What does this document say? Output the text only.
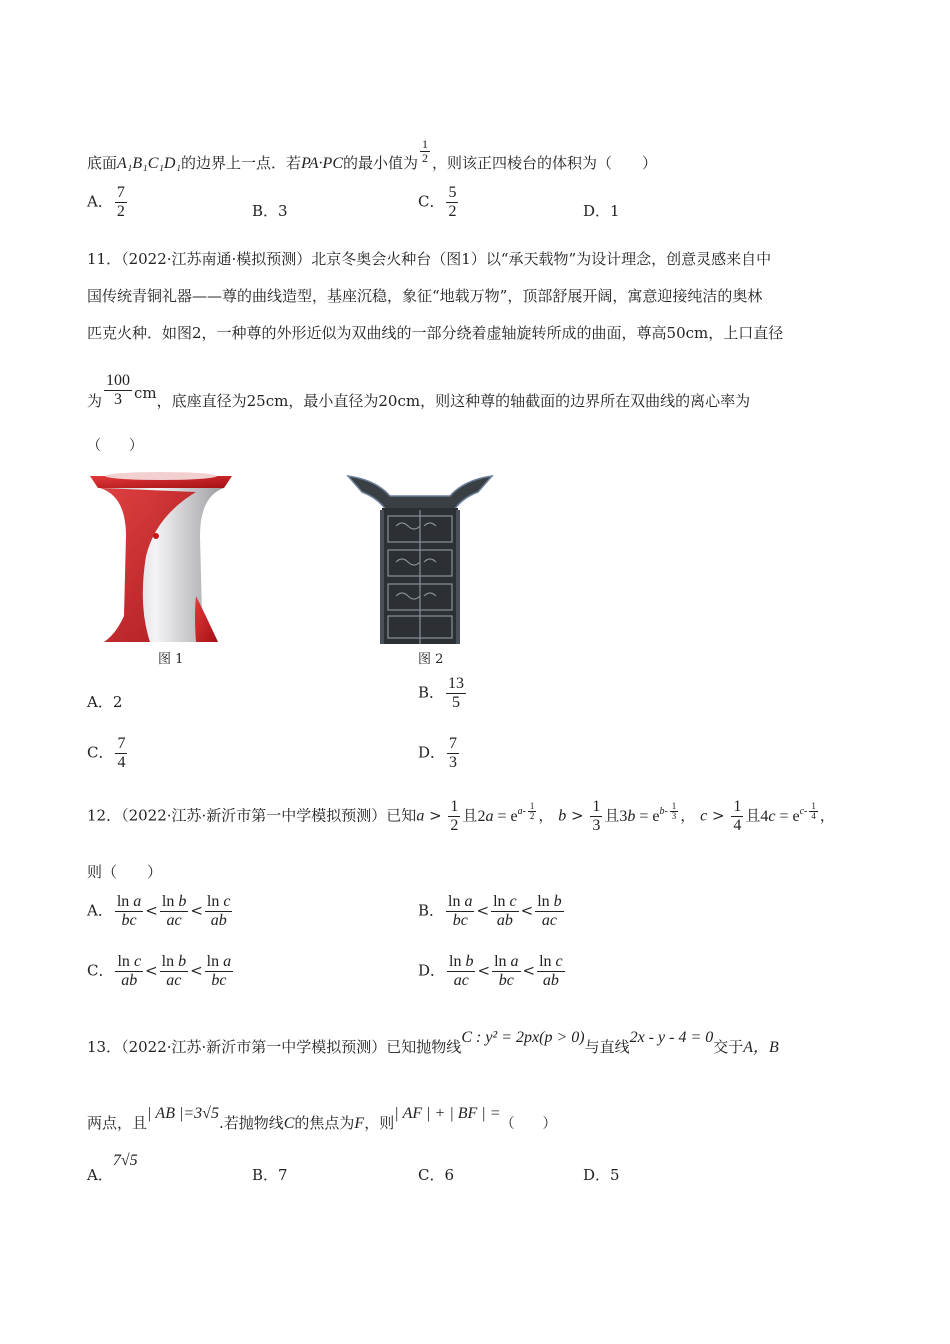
底面A₁B₁C₁D₁的边界上一点．若PA·PC的最小值为 $\frac{1}{2}$ ，则该正四棱台的体积为（　　）
A． $\frac{7}{2}$	B．3
C． $\frac{5}{2}$	D．1
11．（2022·江苏南通·模拟预测）北京冬奥会火种台（图1）以“承天载物”为设计理念，创意灵感来自中
国传统青铜礼器——尊的曲线造型，基座沉稳，象征“地载万物”，顶部舒展开阔，寓意迎接纯洁的奥林
匹克火种．如图2，一种尊的外形近似为双曲线的一部分绕着虚轴旋转所成的曲面，尊高50cm，上口直径
为 $\frac{100}{3}$ cm，底座直径为25cm，最小直径为20cm，则这种尊的轴截面的边界所在双曲线的离心率为
（　　）
图 1	图 2
A．2
B． $\frac{13}{5}$
C． $\frac{7}{4}$	D． $\frac{7}{3}$
12．（2022·江苏·新沂市第一中学模拟预测）已知$a > \frac{1}{2}$ 且$2a = e^{a- \frac{1}{2}}$ ， $b > \frac{1}{3}$ 且$3b = e^{b- \frac{1}{3}}$ ， $c > \frac{1}{4}$ 且$4c = e^{c- \frac{1}{4}}$ ，
则（　　）
A． $\frac{\text{ln a}}{bc} < \frac{\text{ln b}}{ac} < \frac{\text{ln c}}{ab}$	B． $\frac{\text{ln a}}{bc} < \frac{\text{ln c}}{ab} < \frac{\text{ln b}}{ac}$
C． $\frac{\text{ln c}}{ab} < \frac{\text{ln b}}{ac} < \frac{\text{ln a}}{bc}$	D． $\frac{\text{ln b}}{ac} < \frac{\text{ln a}}{bc} < \frac{\text{ln c}}{ab}$
13．（2022·江苏·新沂市第一中学模拟预测）已知抛物线C : y² = 2px(p > 0)与直线2x - y - 4 = 0交于A，B
两点，且| AB |=3√5.若抛物线C的焦点为F，则| AF | + | BF | =（　　）
A．7√5
B．7	C．6	D．5
